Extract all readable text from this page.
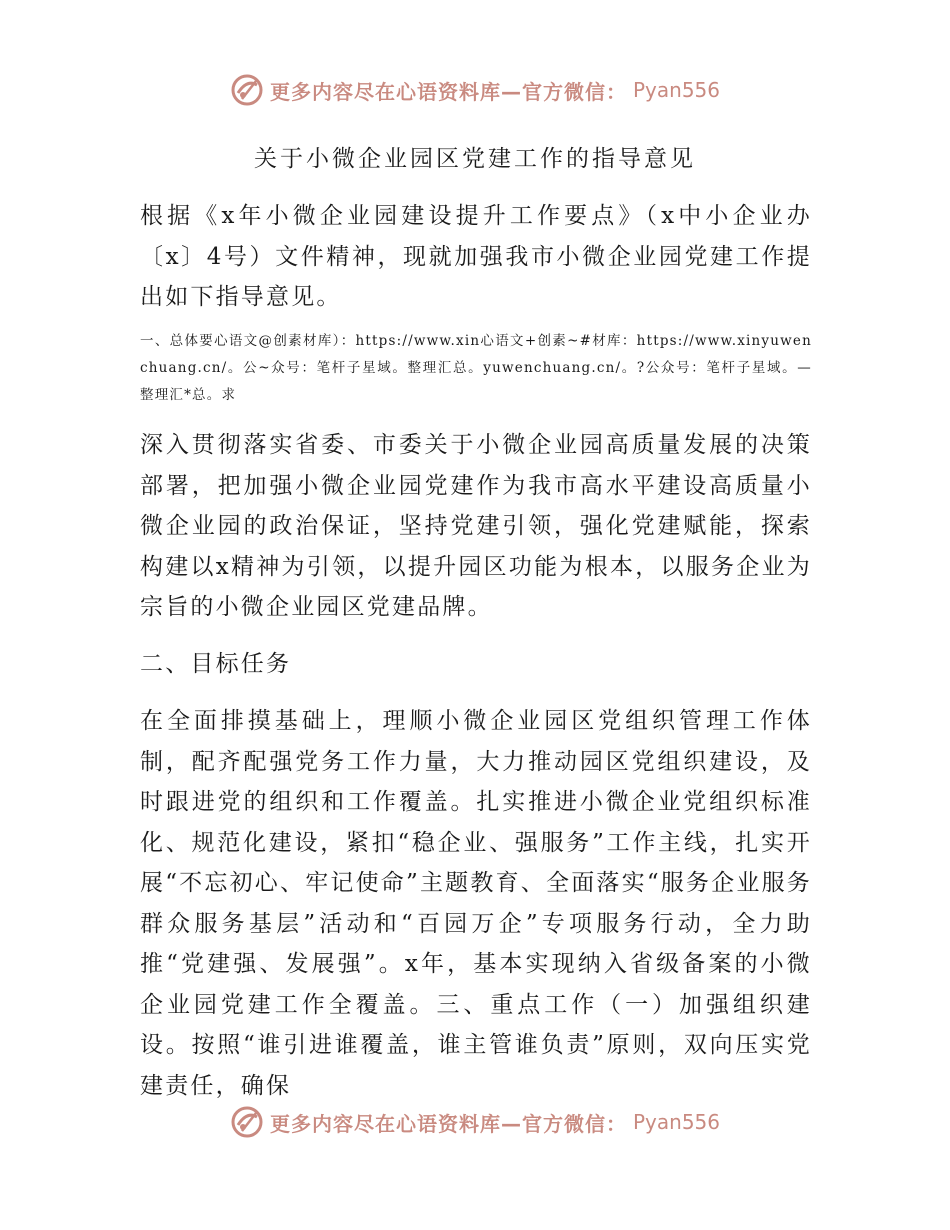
更多内容尽在心语资料库—官方微信： Pyan556
关于小微企业园区党建工作的指导意见

根据《x年小微企业园建设提升工作要点》（x中小企业办〔x〕4号）文件精神，现就加强我市小微企业园党建工作提出如下指导意见。

一、总体要心语文@创素材库）：https://www.xin心语文+创素~#材库：https://www.xinyuwenchuang.cn/。公~众号：笔杆子星域。整理汇总。yuwenchuang.cn/。?公众号：笔杆子星域。—整理汇*总。求

深入贯彻落实省委、市委关于小微企业园高质量发展的决策部署，把加强小微企业园党建作为我市高水平建设高质量小微企业园的政治保证，坚持党建引领，强化党建赋能，探索构建以x精神为引领，以提升园区功能为根本，以服务企业为宗旨的小微企业园区党建品牌。

二、目标任务

在全面排摸基础上，理顺小微企业园区党组织管理工作体制，配齐配强党务工作力量，大力推动园区党组织建设，及时跟进党的组织和工作覆盖。扎实推进小微企业党组织标准化、规范化建设，紧扣“稳企业、强服务”工作主线，扎实开展“不忘初心、牢记使命”主题教育、全面落实“服务企业服务群众服务基层”活动和“百园万企”专项服务行动，全力助推“党建强、发展强”。x年，基本实现纳入省级备案的小微企业园党建工作全覆盖。三、重点工作（一）加强组织建设。按照“谁引进谁覆盖，谁主管谁负责”原则，双向压实党建责任，确保

更多内容尽在心语资料库—官方微信： Pyan556
